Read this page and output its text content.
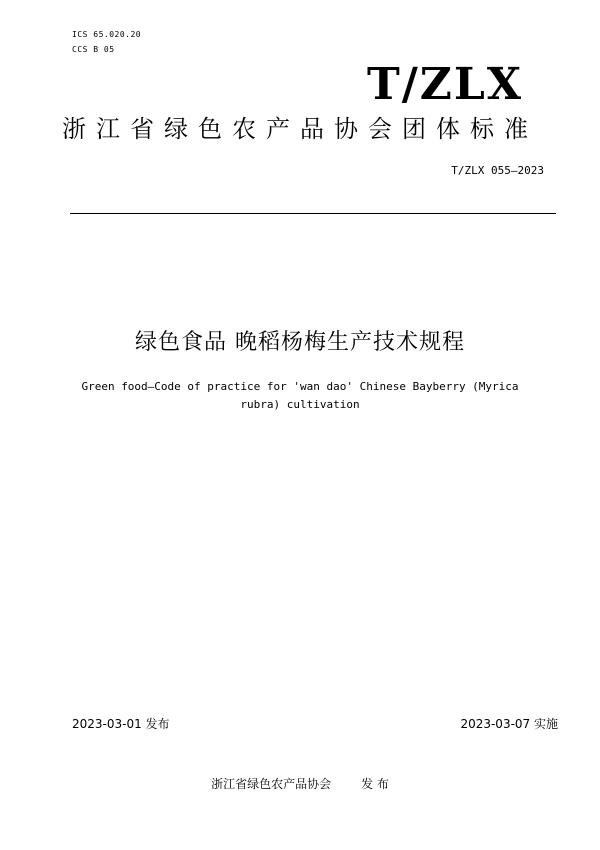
ICS 65.020.20
CCS B 05
T/ZLX
浙江省绿色农产品协会团体标准
T/ZLX 055—2023
绿色食品 晚稻杨梅生产技术规程
Green food—Code of practice for 'wan dao' Chinese Bayberry (Myrica rubra) cultivation
2023-03-01 发布	2023-03-07 实施
浙江省绿色农产品协会	发 布
